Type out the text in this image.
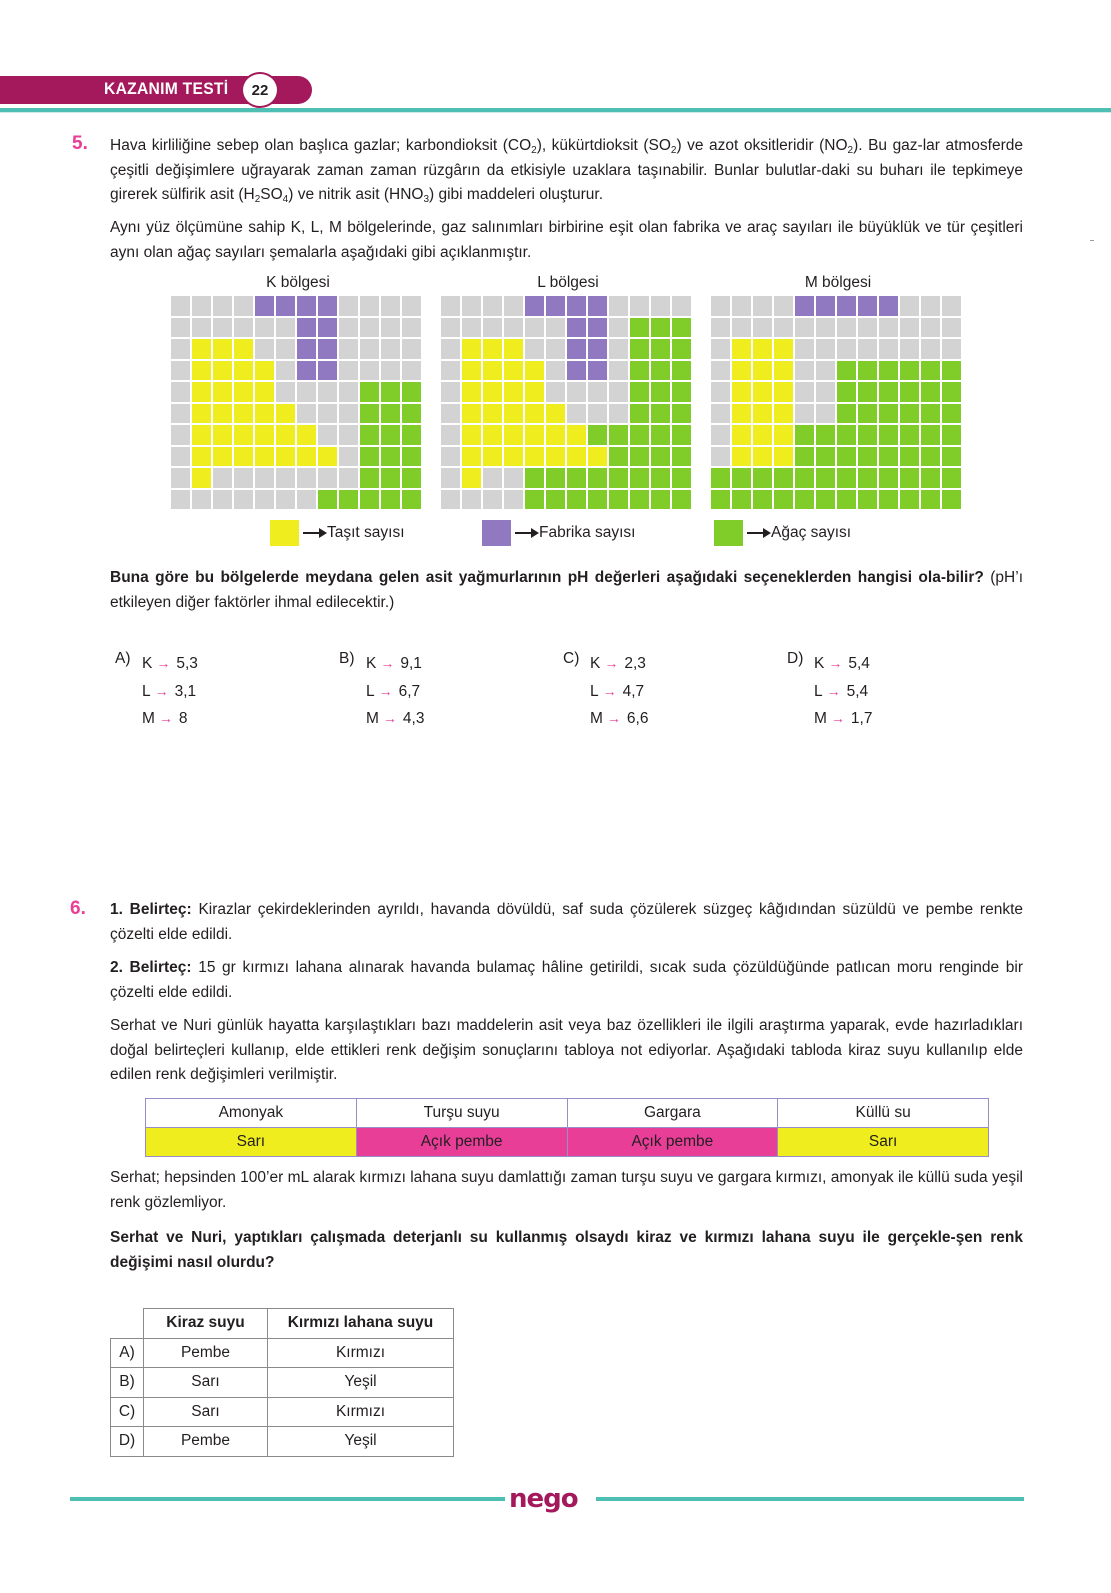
KAZANIM TESTİ	22
5. Hava kirliliğine sebep olan başlıca gazlar; karbondioksit $(CO_2)$, kükürtdioksit $(SO_2)$ ve azot oksitleridir $(NO_2)$. Bu gaz-lar atmosferde çeşitli değişimlere uğrayarak zaman zaman rüzgârın da etkisiyle uzaklara taşınabilir. Bunlar bulutlar-daki su buharı ile tepkimeye girerek sülfirik asit $(H_2SO_4)$ ve nitrik asit $(HNO_3)$ gibi maddeleri oluşturur.
Aynı yüz ölçümüne sahip K, L, M bölgelerinde, gaz salınımları birbirine eşit olan fabrika ve araç sayıları ile büyüklük ve tür çeşitleri aynı olan ağaç sayıları şemalarla aşağıdaki gibi açıklanmıştır.
K bölgesi	L bölgesi	M bölgesi
Taşıt sayısı	Fabrika sayısı	Ağaç sayısı
Buna göre bu bölgelerde meydana gelen asit yağmurlarının pH değerleri aşağıdaki seçeneklerden hangisi ola-bilir? (pH’ı etkileyen diğer faktörler ihmal edilecektir.)
A) K → 5,3
L → 3,1
M → 8
B) K → 9,1
L → 6,7
M → 4,3
C) K → 2,3
L → 4,7
M → 6,6
D) K → 5,4
L → 5,4
M → 1,7
6. 1. Belirteç: Kirazlar çekirdeklerinden ayrıldı, havanda dövüldü, saf suda çözülerek süzgeç kâğıdından süzüldü ve pembe renkte çözelti elde edildi.
2. Belirteç: 15 gr kırmızı lahana alınarak havanda bulamaç hâline getirildi, sıcak suda çözüldüğünde patlıcan moru renginde bir çözelti elde edildi.
Serhat ve Nuri günlük hayatta karşılaştıkları bazı maddelerin asit veya baz özellikleri ile ilgili araştırma yaparak, evde hazırladıkları doğal belirteçleri kullanıp, elde ettikleri renk değişim sonuçlarını tabloya not ediyorlar. Aşağıdaki tabloda kiraz suyu kullanılıp elde edilen renk değişimleri verilmiştir.
Amonyak	Turşu suyu	Gargara	Küllü su
Sarı	Açık pembe	Açık pembe	Sarı
Serhat; hepsinden 100’er mL alarak kırmızı lahana suyu damlattığı zaman turşu suyu ve gargara kırmızı, amonyak ile küllü suda yeşil renk gözlemliyor.
Serhat ve Nuri, yaptıkları çalışmada deterjanlı su kullanmış olsaydı kiraz ve kırmızı lahana suyu ile gerçekle-şen renk değişimi nasıl olurdu?
	Kiraz suyu	Kırmızı lahana suyu
A)	Pembe	Kırmızı
B)	Sarı	Yeşil
C)	Sarı	Kırmızı
D)	Pembe	Yeşil
nego
